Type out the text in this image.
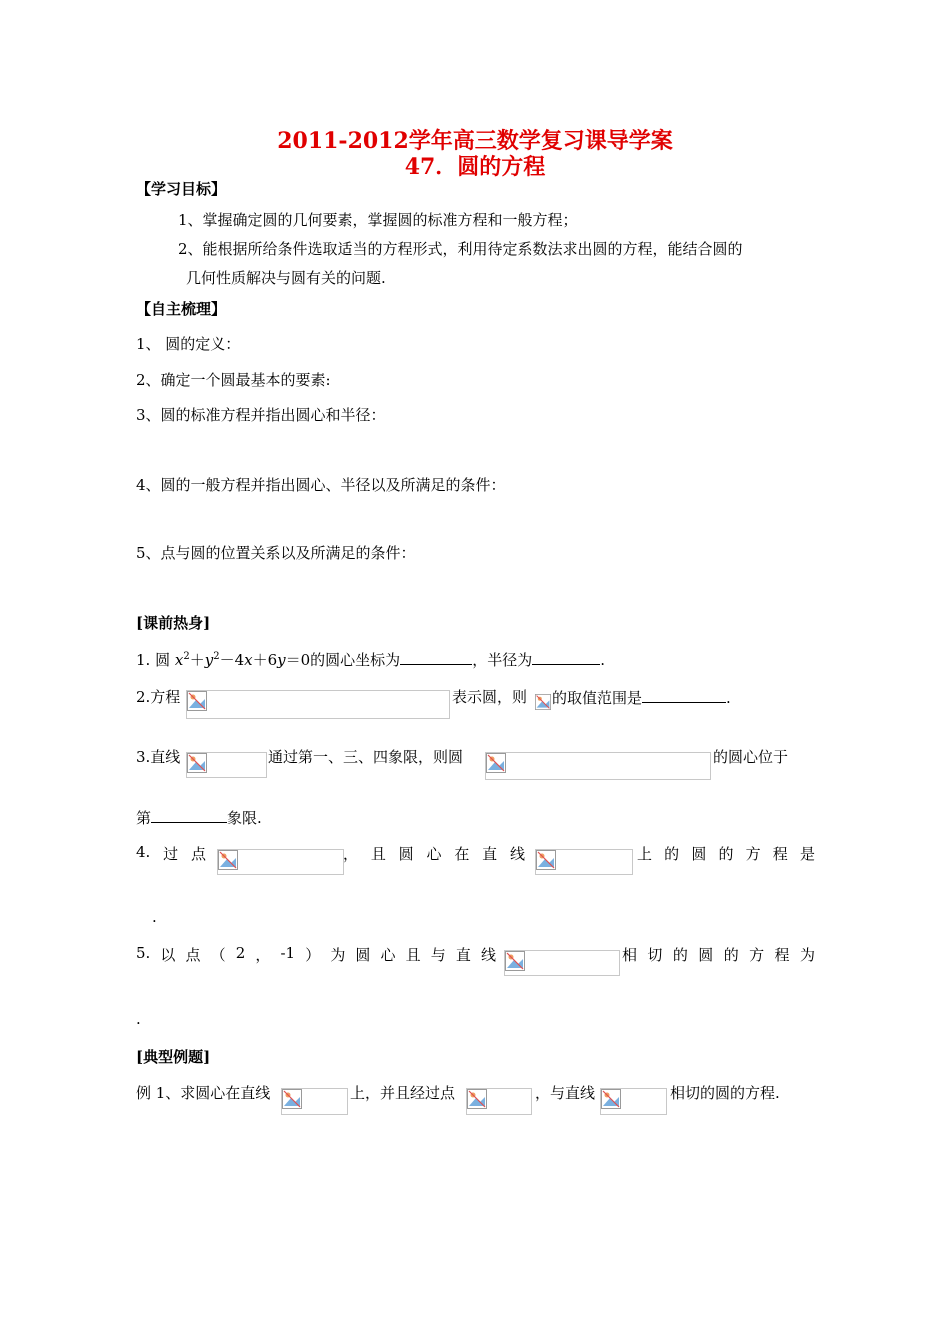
2011-2012学年高三数学复习课导学案
47．圆的方程
【学习目标】
1、掌握确定圆的几何要素，掌握圆的标准方程和一般方程；
2、能根据所给条件选取适当的方程形式，利用待定系数法求出圆的方程，能结合圆的
几何性质解决与圆有关的问题.
【自主梳理】
1、 圆的定义：
2、确定一个圆最基本的要素:
3、圆的标准方程并指出圆心和半径：
4、圆的一般方程并指出圆心、半径以及所满足的条件：
5、点与圆的位置关系以及所满足的条件：
[课前热身]
1. 圆 $x^2+y^2-4x+6y=0$的圆心坐标为	，半径为	.
2.方程	表示圆，则 的取值范围是	.
3.直线	通过第一、三、四象限，则圆	的圆心位于
第	象限.
4. 过 点	， 且 圆 心 在 直 线	上 的 圆 的 方 程 是
.
5. 以 点 （ 2 ， -1 ） 为 圆 心 且 与 直 线	相 切 的 圆 的 方 程 为
.
[典型例题]
例 1、求圆心在直线	上，并且经过点	，与直线	相切的圆的方程.
